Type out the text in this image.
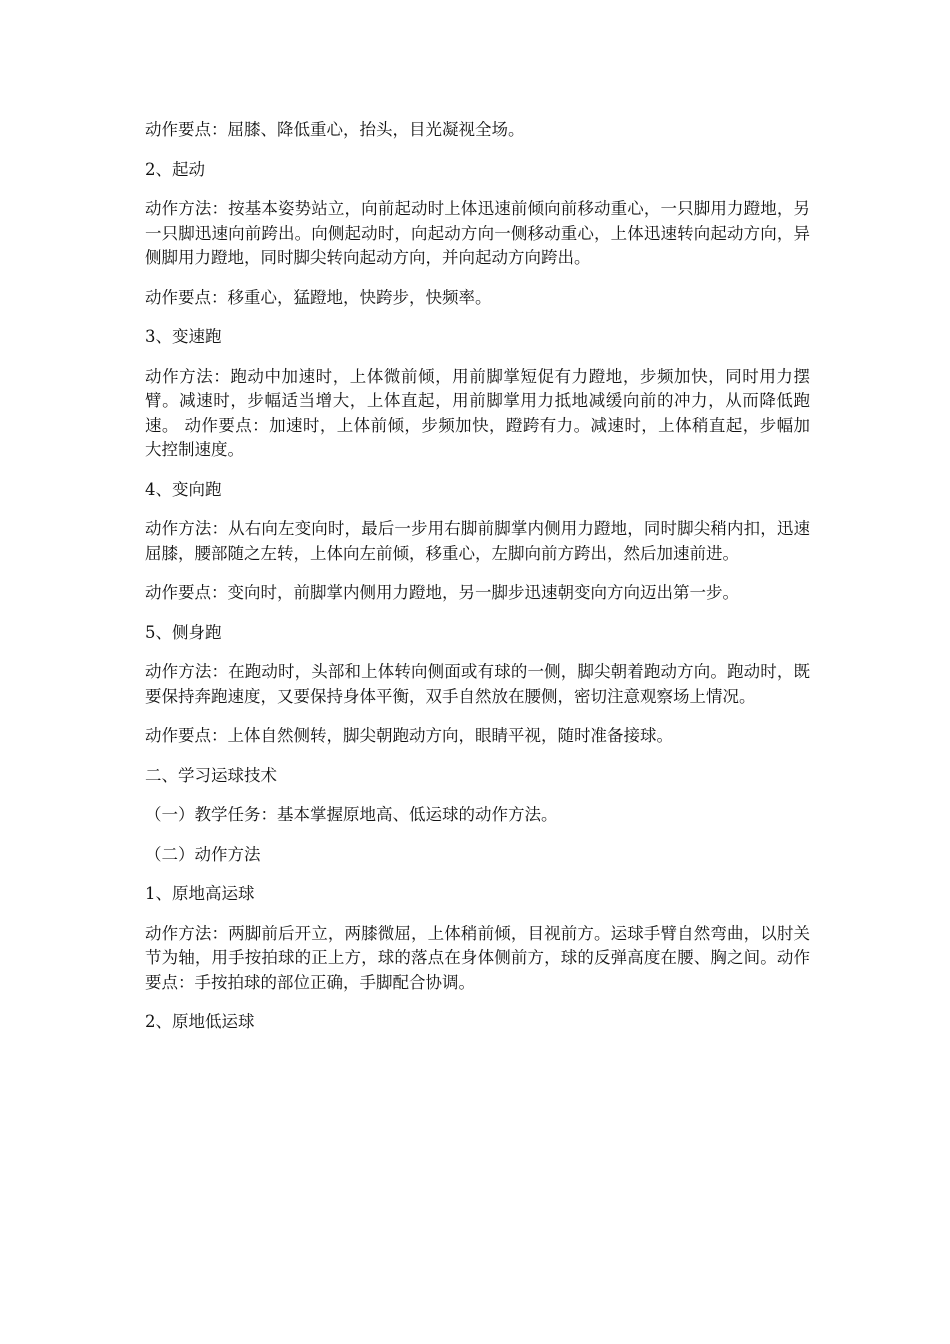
动作要点：屈膝、降低重心，抬头，目光凝视全场。

2、起动

动作方法：按基本姿势站立，向前起动时上体迅速前倾向前移动重心，一只脚用力蹬地，另一只脚迅速向前跨出。向侧起动时，向起动方向一侧移动重心，上体迅速转向起动方向，异侧脚用力蹬地，同时脚尖转向起动方向，并向起动方向跨出。

动作要点：移重心，猛蹬地，快跨步，快频率。

3、变速跑

动作方法：跑动中加速时，上体微前倾，用前脚掌短促有力蹬地，步频加快，同时用力摆臂。减速时，步幅适当增大，上体直起，用前脚掌用力抵地减缓向前的冲力，从而降低跑速。 动作要点：加速时，上体前倾，步频加快，蹬跨有力。减速时，上体稍直起，步幅加大控制速度。

4、变向跑

动作方法：从右向左变向时，最后一步用右脚前脚掌内侧用力蹬地，同时脚尖稍内扣，迅速屈膝，腰部随之左转，上体向左前倾，移重心，左脚向前方跨出，然后加速前进。

动作要点：变向时，前脚掌内侧用力蹬地，另一脚步迅速朝变向方向迈出第一步。

5、侧身跑

动作方法：在跑动时，头部和上体转向侧面或有球的一侧，脚尖朝着跑动方向。跑动时，既要保持奔跑速度，又要保持身体平衡，双手自然放在腰侧，密切注意观察场上情况。

动作要点：上体自然侧转，脚尖朝跑动方向，眼睛平视，随时准备接球。

二、学习运球技术

（一）教学任务：基本掌握原地高、低运球的动作方法。

（二）动作方法

1、原地高运球

动作方法：两脚前后开立，两膝微屈，上体稍前倾，目视前方。运球手臂自然弯曲，以肘关节为轴，用手按拍球的正上方，球的落点在身体侧前方，球的反弹高度在腰、胸之间。动作要点：手按拍球的部位正确，手脚配合协调。

2、原地低运球
